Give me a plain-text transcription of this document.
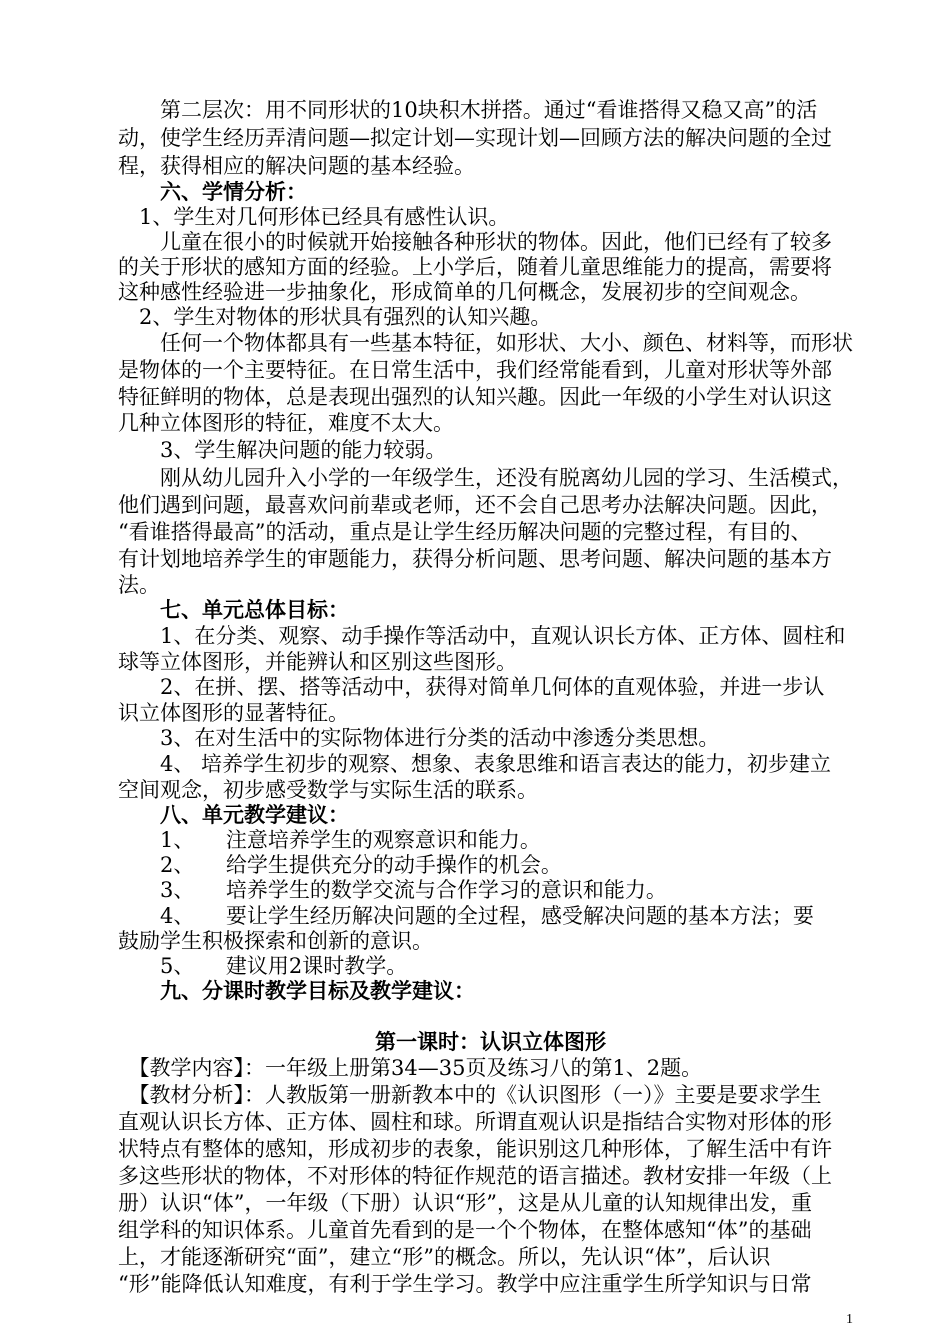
　　第二层次：用不同形状的10块积木拼搭。通过“看谁搭得又稳又高”的活
动，使学生经历弄清问题—拟定计划—实现计划—回顾方法的解决问题的全过
程，获得相应的解决问题的基本经验。
　　六、学情分析：
　1、学生对几何形体已经具有感性认识。
　　儿童在很小的时候就开始接触各种形状的物体。因此，他们已经有了较多
的关于形状的感知方面的经验。上小学后，随着儿童思维能力的提高，需要将
这种感性经验进一步抽象化，形成简单的几何概念，发展初步的空间观念。
　2、学生对物体的形状具有强烈的认知兴趣。
　　任何一个物体都具有一些基本特征，如形状、大小、颜色、材料等，而形状
是物体的一个主要特征。在日常生活中，我们经常能看到，儿童对形状等外部
特征鲜明的物体，总是表现出强烈的认知兴趣。因此一年级的小学生对认识这
几种立体图形的特征，难度不太大。
　　3、学生解决问题的能力较弱。
　　刚从幼儿园升入小学的一年级学生，还没有脱离幼儿园的学习、生活模式，
他们遇到问题，最喜欢问前辈或老师，还不会自己思考办法解决问题。因此，
“看谁搭得最高”的活动，重点是让学生经历解决问题的完整过程，有目的、
有计划地培养学生的审题能力，获得分析问题、思考问题、解决问题的基本方
法。
　　七、单元总体目标：
　　1、在分类、观察、动手操作等活动中，直观认识长方体、正方体、圆柱和
球等立体图形，并能辨认和区别这些图形。
　　2、在拼、摆、搭等活动中，获得对简单几何体的直观体验，并进一步认
识立体图形的显著特征。
　　3、在对生活中的实际物体进行分类的活动中渗透分类思想。
　　4、 培养学生初步的观察、想象、表象思维和语言表达的能力，初步建立
空间观念，初步感受数学与实际生活的联系。
　　八、单元教学建议：
　　1、　　注意培养学生的观察意识和能力。
　　2、　　给学生提供充分的动手操作的机会。
　　3、　　培养学生的数学交流与合作学习的意识和能力。
　　4、　　要让学生经历解决问题的全过程，感受解决问题的基本方法；要
鼓励学生积极探索和创新的意识。
　　5、　　建议用2课时教学。
　　九、分课时教学目标及教学建议：
第一课时：认识立体图形
　【教学内容】：一年级上册第34—35页及练习八的第1、2题。
　【教材分析】：人教版第一册新教本中的《认识图形（一）》主要是要求学生
直观认识长方体、正方体、圆柱和球。所谓直观认识是指结合实物对形体的形
状特点有整体的感知，形成初步的表象，能识别这几种形体，了解生活中有许
多这些形状的物体，不对形体的特征作规范的语言描述。教材安排一年级（上
册）认识“体”，一年级（下册）认识“形”，这是从儿童的认知规律出发，重
组学科的知识体系。儿童首先看到的是一个个物体，在整体感知“体”的基础
上，才能逐渐研究“面”，建立“形”的概念。所以，先认识“体”，后认识
“形”能降低认知难度，有利于学生学习。教学中应注重学生所学知识与日常
1
